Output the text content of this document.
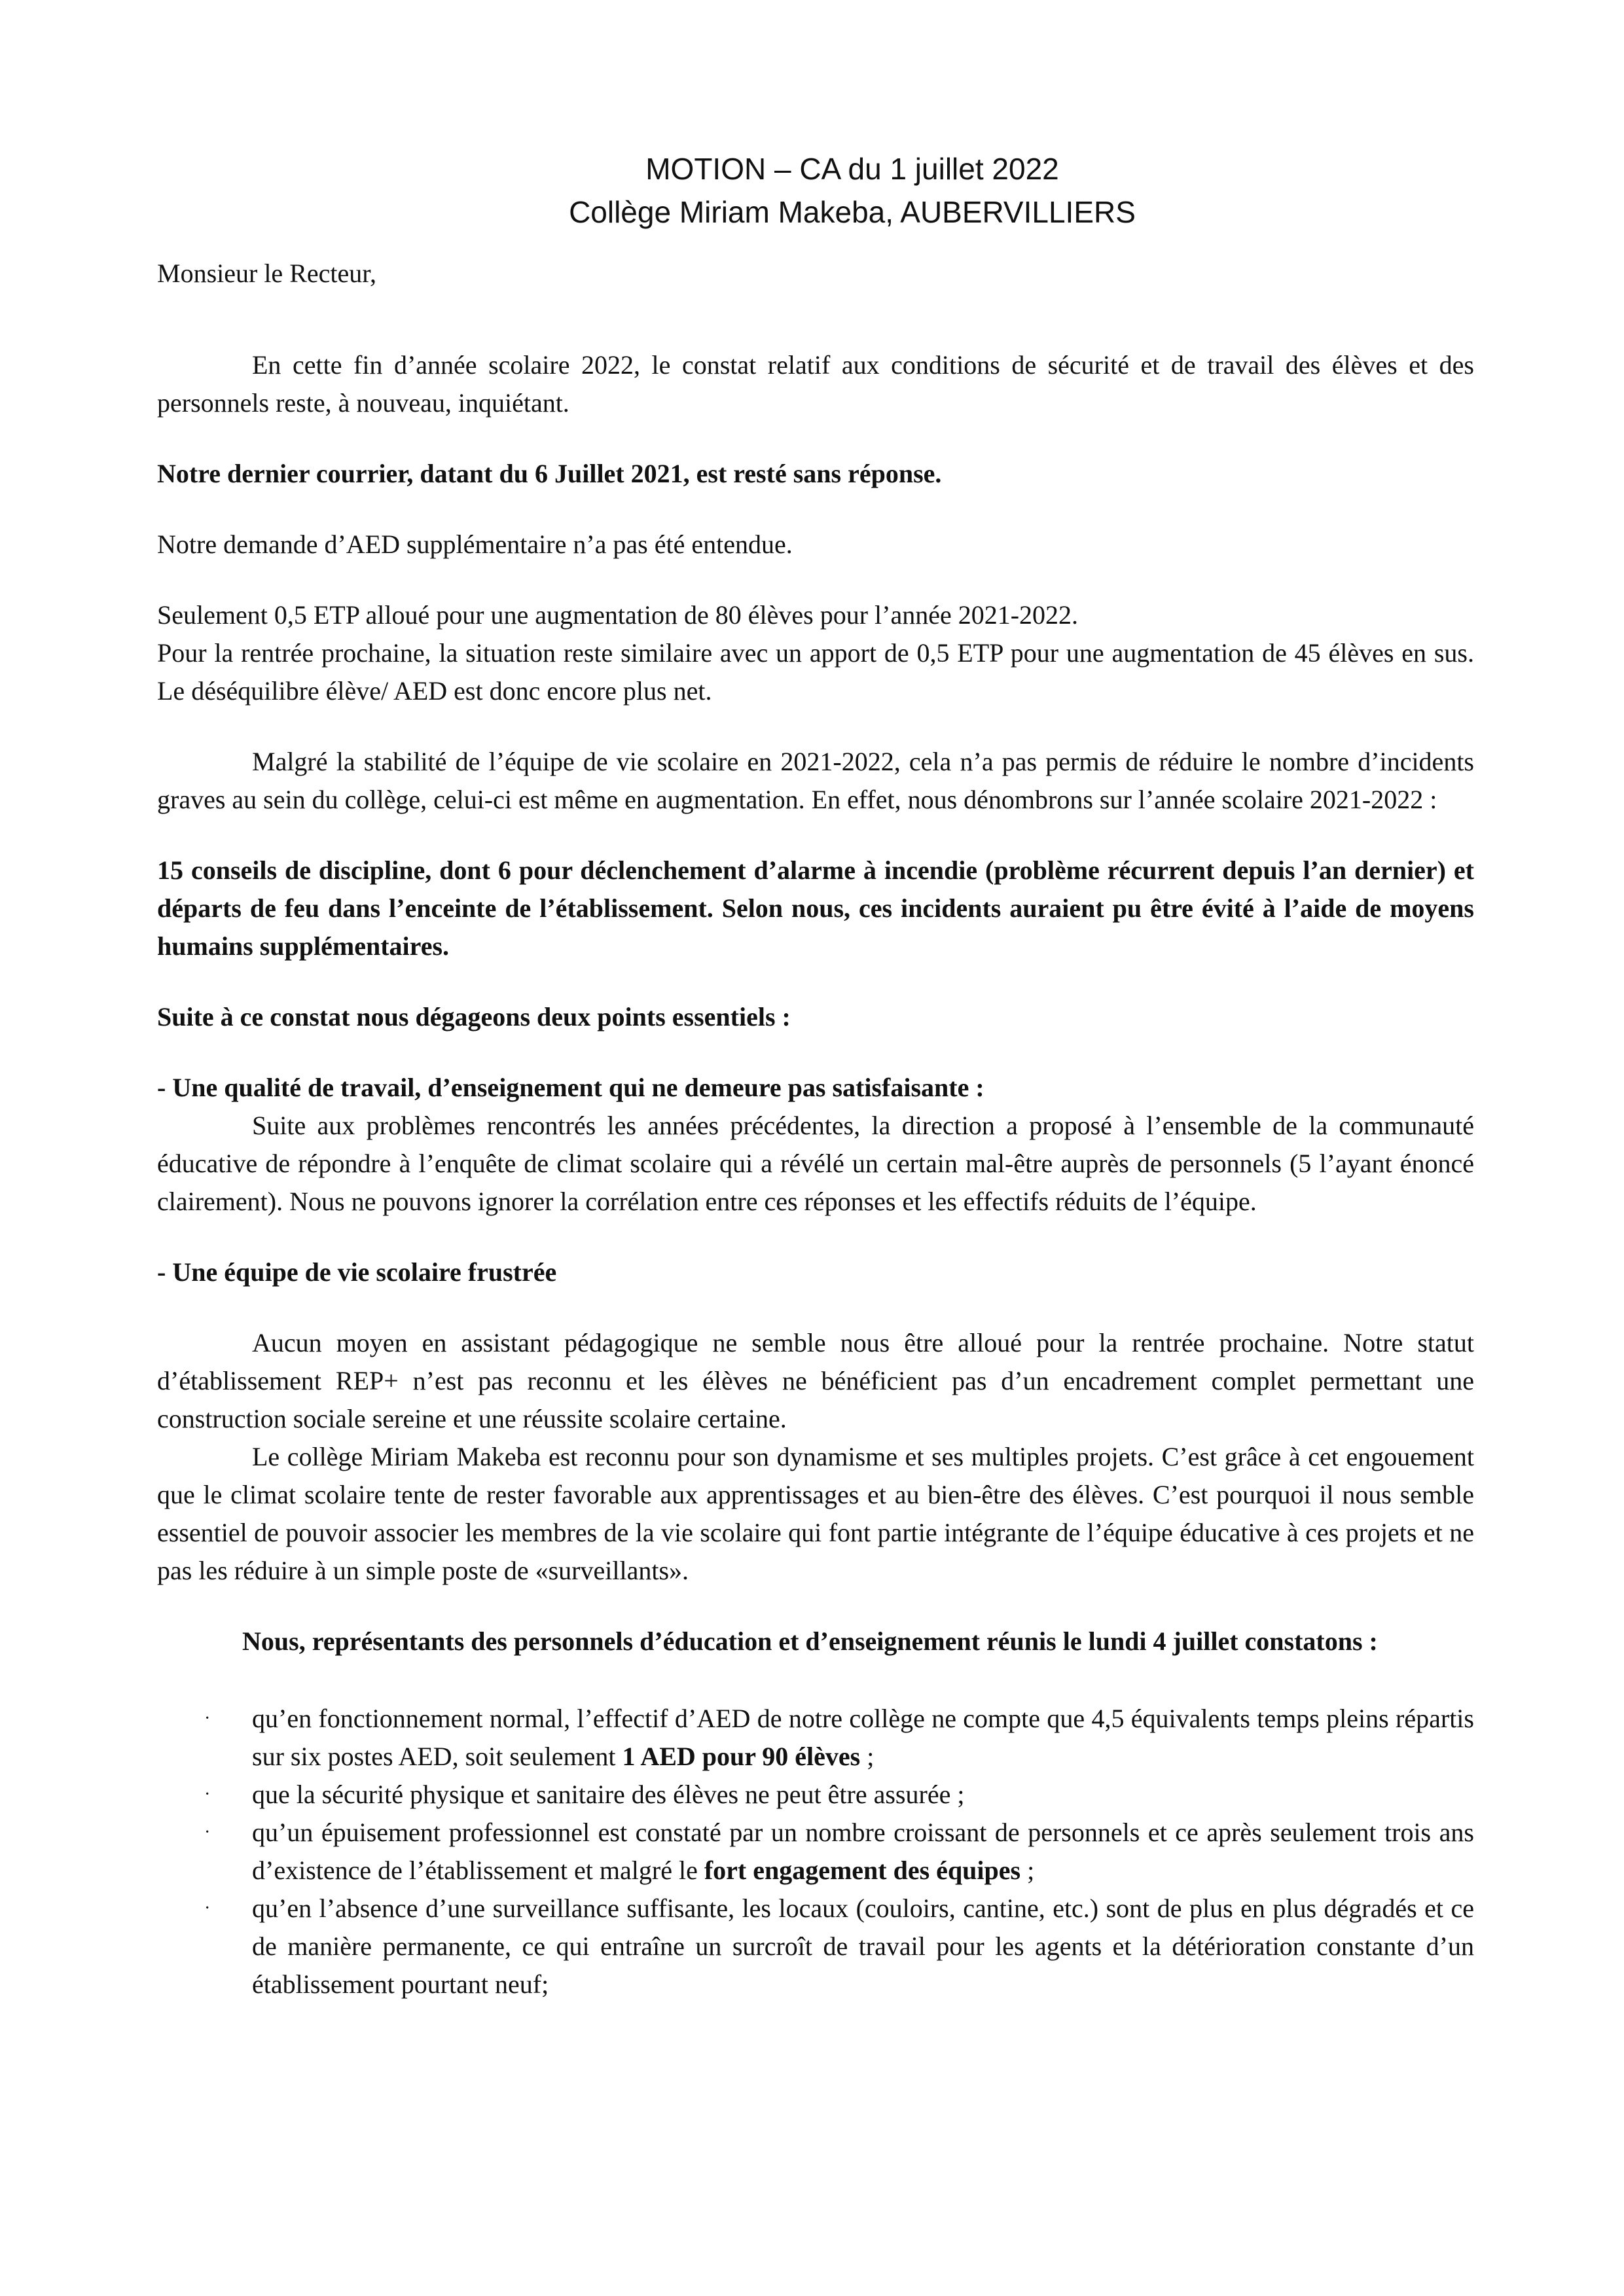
MOTION – CA du 1 juillet 2022
Collège Miriam Makeba, AUBERVILLIERS
Monsieur le Recteur,

En cette fin d’année scolaire 2022, le constat relatif aux conditions de sécurité et de travail des élèves et des personnels reste, à nouveau, inquiétant.

Notre dernier courrier, datant du 6 Juillet 2021, est resté sans réponse.

Notre demande d’AED supplémentaire n’a pas été entendue.

Seulement 0,5 ETP alloué pour une augmentation de 80 élèves pour l’année 2021-2022.

Pour la rentrée prochaine, la situation reste similaire avec un apport de 0,5 ETP pour une augmentation de 45 élèves en sus. Le déséquilibre élève/ AED est donc encore plus net.

Malgré la stabilité de l’équipe de vie scolaire en 2021-2022, cela n’a pas permis de réduire le nombre d’incidents graves au sein du collège, celui-ci est même en augmentation. En effet, nous dénombrons sur l’année scolaire 2021-2022 :

15 conseils de discipline, dont 6 pour déclenchement d’alarme à incendie (problème récurrent depuis l’an dernier) et départs de feu dans l’enceinte de l’établissement. Selon nous, ces incidents auraient pu être évité à l’aide de moyens humains supplémentaires.

Suite à ce constat nous dégageons deux points essentiels :

- Une qualité de travail, d’enseignement qui ne demeure pas satisfaisante :

Suite aux problèmes rencontrés les années précédentes, la direction a proposé à l’ensemble de la communauté éducative de répondre à l’enquête de climat scolaire qui a révélé un certain mal-être auprès de personnels (5 l’ayant énoncé clairement). Nous ne pouvons ignorer la corrélation entre ces réponses et les effectifs réduits de l’équipe.

- Une équipe de vie scolaire frustrée

Aucun moyen en assistant pédagogique ne semble nous être alloué pour la rentrée prochaine. Notre statut d’établissement REP+ n’est pas reconnu et les élèves ne bénéficient pas d’un encadrement complet permettant une construction sociale sereine et une réussite scolaire certaine.

Le collège Miriam Makeba est reconnu pour son dynamisme et ses multiples projets. C’est grâce à cet engouement que le climat scolaire tente de rester favorable aux apprentissages et au bien-être des élèves. C’est pourquoi il nous semble essentiel de pouvoir associer les membres de la vie scolaire qui font partie intégrante de l’équipe éducative à ces projets et ne pas les réduire à un simple poste de «surveillants».

Nous, représentants des personnels d’éducation et d’enseignement réunis le lundi 4 juillet constatons :

· qu’en fonctionnement normal, l’effectif d’AED de notre collège ne compte que 4,5 équivalents temps pleins répartis sur six postes AED, soit seulement 1 AED pour 90 élèves ;
· que la sécurité physique et sanitaire des élèves ne peut être assurée ;
· qu’un épuisement professionnel est constaté par un nombre croissant de personnels et ce après seulement trois ans d’existence de l’établissement et malgré le fort engagement des équipes ;
· qu’en l’absence d’une surveillance suffisante, les locaux (couloirs, cantine, etc.) sont de plus en plus dégradés et ce de manière permanente, ce qui entraîne un surcroît de travail pour les agents et la détérioration constante d’un établissement pourtant neuf;
